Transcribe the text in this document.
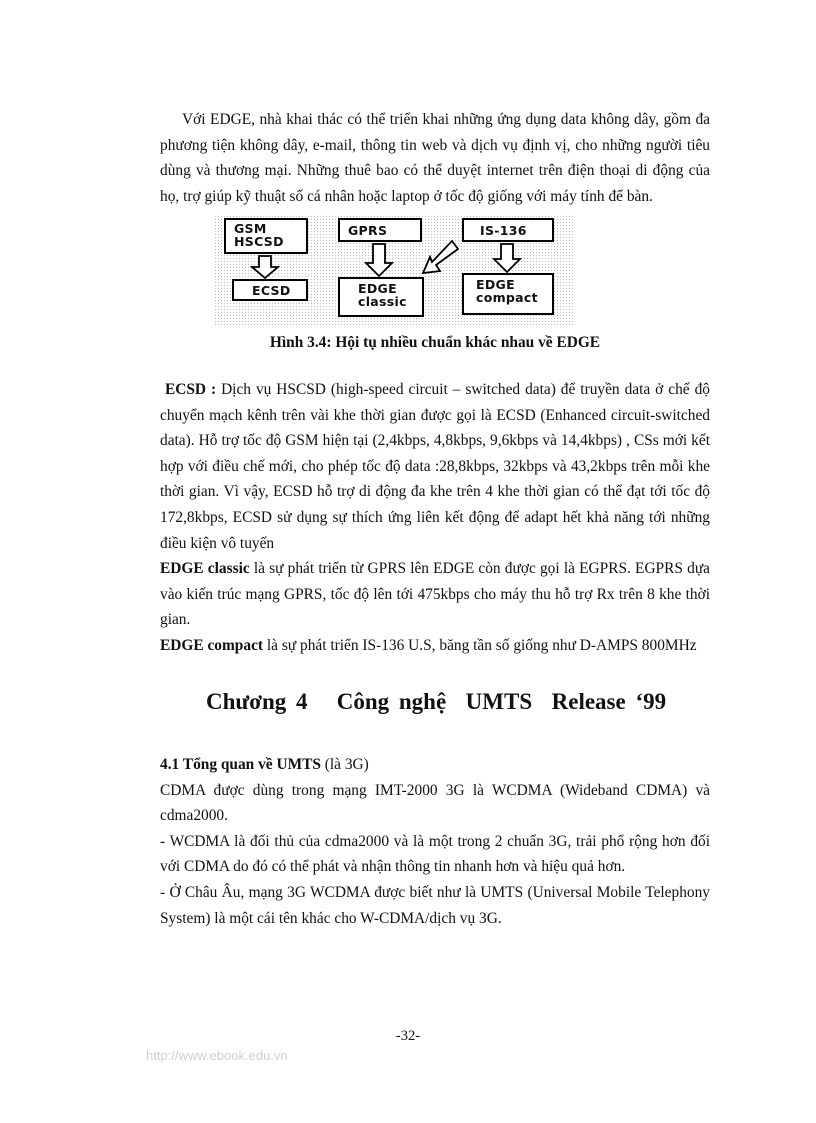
Với EDGE, nhà khai thác có thể triển khai những ứng dụng data không dây, gồm đa phương tiện không dây, e-mail, thông tin web và dịch vụ định vị, cho những người tiêu dùng và thương mại. Những thuê bao có thể duyệt internet trên điện thoại di động của họ, trợ giúp kỹ thuật số cá nhân hoặc laptop ở tốc độ giống với máy tính để bàn.

GSM
HSCSD
GPRS	IS-136
ECSD	EDGE
classic
EDGE
compact

Hình 3.4: Hội tụ nhiều chuẩn khác nhau về EDGE

ECSD : Dịch vụ HSCSD (high-speed circuit – switched data) để truyền data ở chế độ chuyển mạch kênh trên vài khe thời gian được gọi là ECSD (Enhanced circuit-switched data). Hỗ trợ tốc độ GSM hiện tại (2,4kbps, 4,8kbps, 9,6kbps và 14,4kbps) , CSs mới kết hợp với điều chế mới, cho phép tốc độ data :28,8kbps, 32kbps và 43,2kbps trên mỗi khe thời gian. Vì vậy, ECSD hỗ trợ di động đa khe trên 4 khe thời gian có thể đạt tới tốc độ 172,8kbps, ECSD sử dụng sự thích ứng liên kết động để adapt hết khả năng tới những điều kiện vô tuyến

EDGE classic là sự phát triển từ GPRS lên EDGE còn được gọi là EGPRS. EGPRS dựa vào kiến trúc mạng GPRS, tốc độ lên tới 475kbps cho máy thu hỗ trợ Rx trên 8 khe thời gian.

EDGE compact là sự phát triển IS-136 U.S, băng tần số giống như D-AMPS 800MHz

Chương 4   Công nghệ  UMTS  Release ‘99

4.1 Tổng quan về UMTS (là 3G)

CDMA được dùng trong mạng IMT-2000 3G là WCDMA (Wideband CDMA) và cdma2000.

- WCDMA là đối thủ của cdma2000 và là một trong 2 chuẩn 3G, trải phổ rộng hơn đối với CDMA do đó có thể phát và nhận thông tin nhanh hơn và hiệu quả hơn.

- Ở Châu Âu, mạng 3G WCDMA được biết như là UMTS (Universal Mobile Telephony System) là một cái tên khác cho W-CDMA/dịch vụ 3G.

-32-
http://www.ebook.edu.vn
